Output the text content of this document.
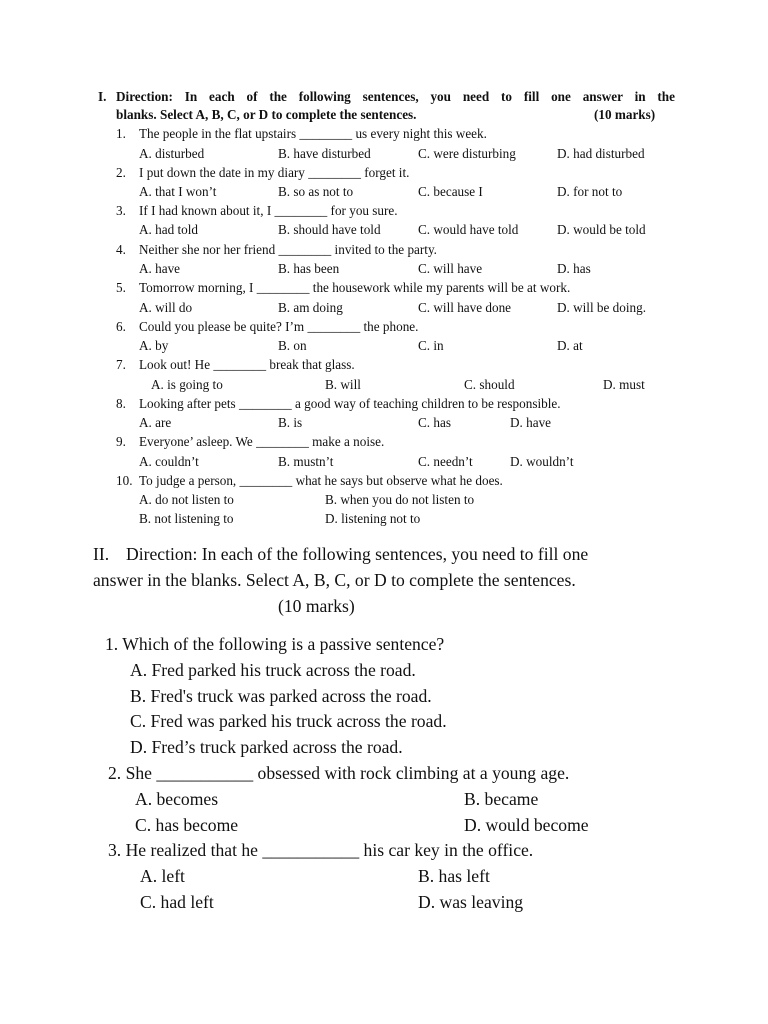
I. Direction: In each of the following sentences, you need to fill one answer in the
blanks. Select A, B, C, or D to complete the sentences.	(10 marks)
1. The people in the flat upstairs ________ us every night this week.
A. disturbed	B. have disturbed	C. were disturbing	D. had disturbed
2. I put down the date in my diary ________ forget it.
A. that I won’t	B. so as not to	C. because I	D. for not to
3. If I had known about it, I ________ for you sure.
A. had told	B. should have told	C. would have told	D. would be told
4. Neither she nor her friend ________ invited to the party.
A. have	B. has been	C. will have	D. has
5. Tomorrow morning, I ________ the housework while my parents will be at work.
A. will do	B. am doing	C. will have done	D. will be doing.
6. Could you please be quite? I’m ________ the phone.
A. by	B. on	C. in	D. at
7. Look out! He ________ break that glass.
A. is going to	B. will	C. should	D. must
8. Looking after pets ________ a good way of teaching children to be responsible.
A. are	B. is	C. has	D. have
9. Everyone’ asleep. We ________ make a noise.
A. couldn’t	B. mustn’t	C. needn’t	D. wouldn’t
10. To judge a person, ________ what he says but observe what he does.
A. do not listen to	B. when you do not listen to
B. not listening to	D. listening not to
II. Direction: In each of the following sentences, you need to fill one
answer in the blanks. Select A, B, C, or D to complete the sentences.
(10 marks)
1. Which of the following is a passive sentence?
A. Fred parked his truck across the road.
B. Fred's truck was parked across the road.
C. Fred was parked his truck across the road.
D. Fred’s truck parked across the road.
2. She ___________ obsessed with rock climbing at a young age.
A. becomes	B. became
C. has become	D. would become
3. He realized that he ___________ his car key in the office.
A. left	B. has left
C. had left	D. was leaving
